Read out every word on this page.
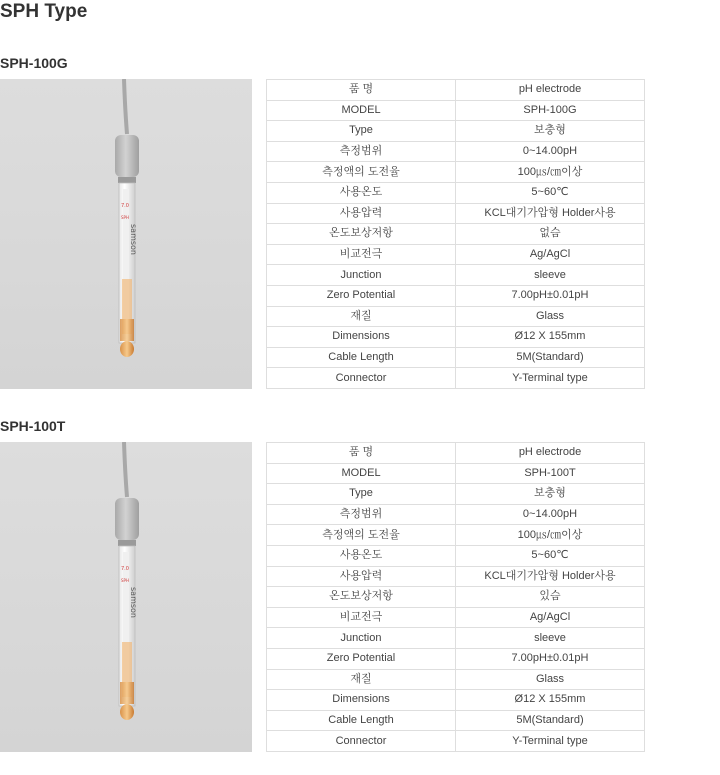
SPH Type
SPH-100G
7.0
SPH
samson
품 명	pH electrode
MODEL	SPH-100G
Type	보충형
측정범위	0~14.00pH
측정액의 도전율	100㎲/㎝이상
사용온도	5~60℃
사용압력	KCL대기가압형 Holder사용
온도보상저항	없슴
비교전극	Ag/AgCl
Junction	sleeve
Zero Potential	7.00pH±0.01pH
재질	Glass
Dimensions	Ø12 X 155mm
Cable Length	5M(Standard)
Connector	Y-Terminal type
SPH-100T
7.0
SPH
samson
품 명	pH electrode
MODEL	SPH-100T
Type	보충형
측정범위	0~14.00pH
측정액의 도전율	100㎲/㎝이상
사용온도	5~60℃
사용압력	KCL대기가압형 Holder사용
온도보상저항	있슴
비교전극	Ag/AgCl
Junction	sleeve
Zero Potential	7.00pH±0.01pH
재질	Glass
Dimensions	Ø12 X 155mm
Cable Length	5M(Standard)
Connector	Y-Terminal type
